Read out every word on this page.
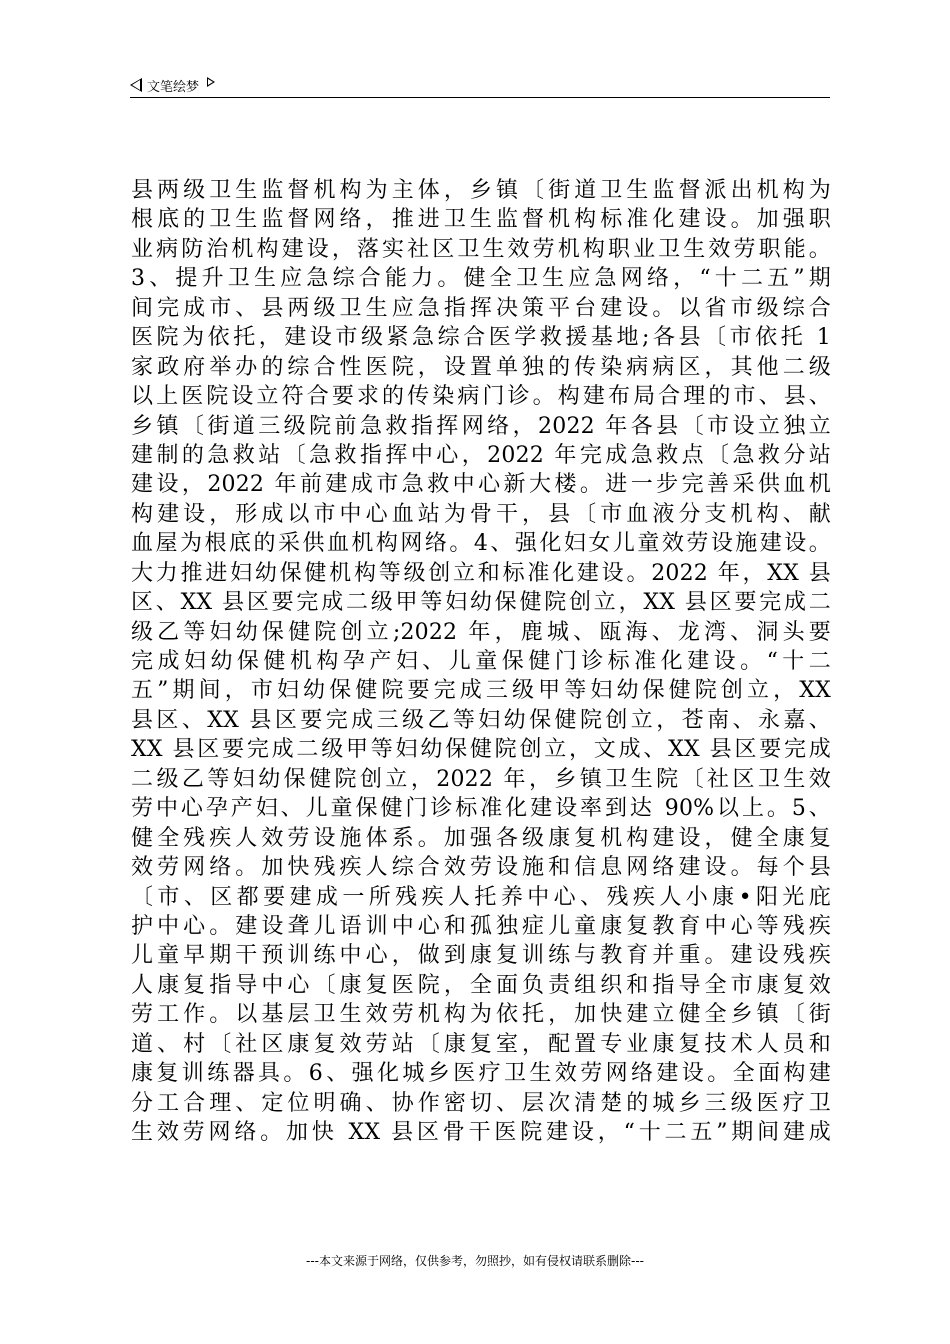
文笔绘梦
县两级卫生监督机构为主体，乡镇〔街道卫生监督派出机构为
根底的卫生监督网络，推进卫生监督机构标准化建设。加强职
业病防治机构建设，落实社区卫生效劳机构职业卫生效劳职能。
3、提升卫生应急综合能力。健全卫生应急网络，“十二五”期
间完成市、县两级卫生应急指挥决策平台建设。以省市级综合
医院为依托，建设市级紧急综合医学救援基地;各县〔市依托 1
家政府举办的综合性医院，设置单独的传染病病区，其他二级
以上医院设立符合要求的传染病门诊。构建布局合理的市、县、
乡镇〔街道三级院前急救指挥网络，2022 年各县〔市设立独立
建制的急救站〔急救指挥中心，2022 年完成急救点〔急救分站
建设，2022 年前建成市急救中心新大楼。进一步完善采供血机
构建设，形成以市中心血站为骨干，县〔市血液分支机构、献
血屋为根底的采供血机构网络。4、强化妇女儿童效劳设施建设。
大力推进妇幼保健机构等级创立和标准化建设。2022 年，XX 县
区、XX 县区要完成二级甲等妇幼保健院创立，XX 县区要完成二
级乙等妇幼保健院创立;2022 年，鹿城、瓯海、龙湾、洞头要
完成妇幼保健机构孕产妇、儿童保健门诊标准化建设。“十二
五”期间，市妇幼保健院要完成三级甲等妇幼保健院创立，XX
县区、XX 县区要完成三级乙等妇幼保健院创立，苍南、永嘉、
XX 县区要完成二级甲等妇幼保健院创立，文成、XX 县区要完成
二级乙等妇幼保健院创立，2022 年，乡镇卫生院〔社区卫生效
劳中心孕产妇、儿童保健门诊标准化建设率到达 90%以上。5、
健全残疾人效劳设施体系。加强各级康复机构建设，健全康复
效劳网络。加快残疾人综合效劳设施和信息网络建设。每个县
〔市、区都要建成一所残疾人托养中心、残疾人小康•阳光庇
护中心。建设聋儿语训中心和孤独症儿童康复教育中心等残疾
儿童早期干预训练中心，做到康复训练与教育并重。建设残疾
人康复指导中心〔康复医院，全面负责组织和指导全市康复效
劳工作。以基层卫生效劳机构为依托，加快建立健全乡镇〔街
道、村〔社区康复效劳站〔康复室，配置专业康复技术人员和
康复训练器具。6、强化城乡医疗卫生效劳网络建设。全面构建
分工合理、定位明确、协作密切、层次清楚的城乡三级医疗卫
生效劳网络。加快 XX 县区骨干医院建设，“十二五”期间建成
---本文来源于网络，仅供参考，勿照抄，如有侵权请联系删除---
